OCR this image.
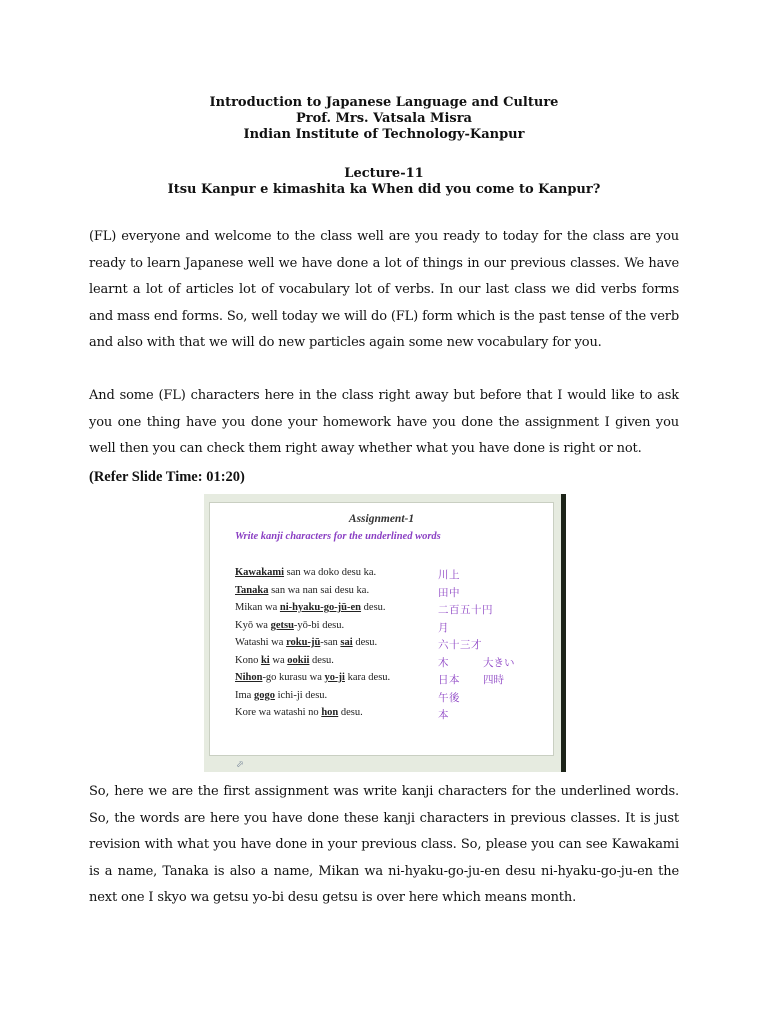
Introduction to Japanese Language and Culture
Prof. Mrs. Vatsala Misra
Indian Institute of Technology-Kanpur
Lecture-11
Itsu Kanpur e kimashita ka When did you come to Kanpur?
(FL) everyone and welcome to the class well are you ready to today for the class are you ready to learn Japanese well we have done a lot of things in our previous classes. We have learnt a lot of articles lot of vocabulary lot of verbs. In our last class we did verbs forms and mass end forms. So, well today we will do (FL) form which is the past tense of the verb and also with that we will do new particles again some new vocabulary for you.
And some (FL) characters here in the class right away but before that I would like to ask you one thing have you done your homework have you done the assignment I given you well then you can check them right away whether what you have done is right or not.
(Refer Slide Time: 01:20)
Assignment-1
Write kanji characters for the underlined words
Kawakami san wa doko desu ka.	川上
Tanaka san wa nan sai desu ka.	田中
Mikan wa ni-hyaku-go-jū-en desu.	二百五十円
Kyō wa getsu-yō-bi desu.	月
Watashi wa roku-jū-san sai desu.	六十三才
Kono ki wa ookii desu.	木	大きい
Nihon-go kurasu wa yo-ji kara desu.	日本 四時
Ima gogo ichi-ji desu.	午後
Kore wa watashi no hon desu.	本
⬀
So, here we are the first assignment was write kanji characters for the underlined words. So, the words are here you have done these kanji characters in previous classes. It is just revision with what you have done in your previous class. So, please you can see Kawakami is a name, Tanaka is also a name, Mikan wa ni-hyaku-go-ju-en desu ni-hyaku-go-ju-en the next one I skyo wa getsu yo-bi desu getsu is over here which means month.
